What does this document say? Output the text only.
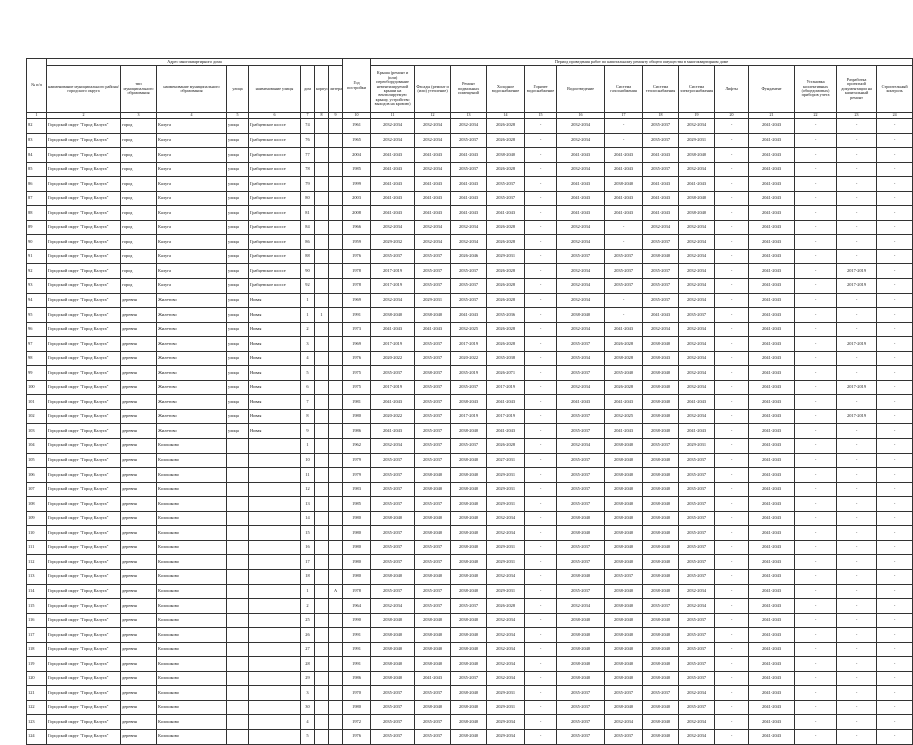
№ п/п	Адрес многоквартирного дома								Год постройки	Период проведения работ по капитальному ремонту общего имущества в многоквартирном доме													
	наименование муниципального района/городского округа	тип муниципального образования	наименование муниципального образования	улица	наименование улицы	дом	корпус	литера		Крыша (ремонт и (или) переоборудование невентилируемой крыши на вентилируемую крышу, устройство выходов на кровлю)	Фасады (ремонт и (или) утепление)	Ремонт подвальных помещений	Холодное водоснабжение	Горячее водоснабжение	Водоотведение	Система газоснабжения	Система теплоснабжения	Система электроснабжения	Лифты	Фундамент	Установка коллективных (общедомовых) приборов учета	Разработка проектной документации на капитальный ремонт	Строительный контроль
1	2	3	4	5	6	7	8	9	10	11	12	13	14	15	16	17	18	19	20	21	22	23	24
82	Городской округ "Город Калуга"	город	Калуга	улица	Грабцевское шоссе	74			1961	2032-2034	2032-2034	2032-2034	2026-2028	-	2032-2034	-	2035-2037	2032-2034	-	2041-2043	-	-	-
83	Городской округ "Город Калуга"	город	Калуга	улица	Грабцевское шоссе	76			1965	2032-2034	2032-2034	2035-2037	2026-2028	-	2032-2034	-	2035-2037	2029-2031	-	2041-2043	-	-	-
84	Городской округ "Город Калуга"	город	Калуга	улица	Грабцевское шоссе	77			2004	2041-2043	2041-2043	2041-2043	2038-2040	-	2041-2043	2041-2043	2041-2043	2038-2040	-	2041-2043	-	-	-
85	Городской округ "Город Калуга"	город	Калуга	улица	Грабцевское шоссе	78			1985	2041-2043	2032-2034	2035-2037	2026-2028	-	2032-2034	2041-2043	2035-2037	2032-2034	-	2041-2043	-	-	-
86	Городской округ "Город Калуга"	город	Калуга	улица	Грабцевское шоссе	79			1999	2041-2043	2041-2043	2041-2043	2035-2037	-	2041-2043	2038-2040	2041-2043	2041-2043	-	2041-2043	-	-	-
87	Городской округ "Город Калуга"	город	Калуга	улица	Грабцевское шоссе	80			2003	2041-2043	2041-2043	2041-2043	2035-2037	-	2041-2043	2041-2043	2041-2043	2038-2040	-	2041-2043	-	-	-
88	Городской округ "Город Калуга"	город	Калуга	улица	Грабцевское шоссе	81			2008	2041-2043	2041-2043	2041-2043	2041-2043	-	2041-2043	2041-2043	2041-2043	2038-2040	-	2041-2043	-	-	-
89	Городской округ "Город Калуга"	город	Калуга	улица	Грабцевское шоссе	84			1966	2032-2034	2032-2034	2032-2034	2026-2028	-	2032-2034	-	2032-2034	2032-2034	-	2041-2043	-	-	-
90	Городской округ "Город Калуга"	город	Калуга	улица	Грабцевское шоссе	86			1959	2029-2032	2032-2034	2032-2034	2026-2028	-	2032-2034	-	2035-2037	2032-2034	-	2041-2043	-	-	-
91	Городской округ "Город Калуга"	город	Калуга	улица	Грабцевское шоссе	88			1976	2035-2037	2035-2037	2026-2046	2029-2031	-	2035-2037	2035-2037	2038-2040	2032-2034	-	2041-2043	-	-	-
92	Городской округ "Город Калуга"	город	Калуга	улица	Грабцевское шоссе	90			1978	2017-2019	2035-2037	2035-2037	2026-2028	-	2032-2034	2035-2037	2035-2037	2032-2034	-	2041-2043	-	2017-2019	-
93	Городской округ "Город Калуга"	город	Калуга	улица	Грабцевское шоссе	92			1978	2017-2019	2035-2037	2035-2037	2026-2028	-	2032-2034	2035-2037	2035-2037	2032-2034	-	2041-2043	-	2017-2019	-
94	Городской округ "Город Калуга"	деревня	Жилетово	улица	Новая	1			1969	2032-2034	2029-2031	2035-2037	2026-2028	-	2032-2034	-	2035-2037	2032-2034	-	2041-2043	-	-	-
95	Городской округ "Город Калуга"	деревня	Жилетово	улица	Новая	1	1		1991	2038-2040	2038-2040	2041-2043	2035-2036	-	2038-2040	-	2041-2043	2035-2037	-	2041-2043	-	-	-
96	Городской округ "Город Калуга"	деревня	Жилетово	улица	Новая	2			1973	2041-2043	2041-2043	2032-2025	2026-2028	-	2032-2034	2041-2043	2032-2034	2032-2034	-	2041-2043	-	-	-
97	Городской округ "Город Калуга"	деревня	Жилетово	улица	Новая	3			1969	2017-2019	2035-2037	2017-2019	2026-2028	-	2035-2037	2026-2028	2038-2040	2032-2034	-	2041-2043	-	2017-2019	-
98	Городской округ "Город Калуга"	деревня	Жилетово	улица	Новая	4			1976	2020-2022	2035-2037	2020-2022	2035-2038	-	2035-2034	2038-2028	2038-2043	2032-2034	-	2041-2043	-	-	-
99	Городской округ "Город Калуга"	деревня	Жилетово	улица	Новая	5			1975	2035-2037	2038-2037	2035-2019	2026-2071	-	2035-2037	2035-2040	2038-2040	2032-2034	-	2041-2043	-	-	-
100	Городской округ "Город Калуга"	деревня	Жилетово	улица	Новая	6			1975	2017-2019	2035-2037	2035-2037	2017-2019	-	2032-2034	2026-2028	2038-2040	2032-2034	-	2041-2043	-	2017-2019	-
101	Городской округ "Город Калуга"	деревня	Жилетово	улица	Новая	7			1981	2041-2043	2035-2037	2038-2043	2041-2043	-	2041-2043	2041-2043	2038-2040	2041-2043	-	2041-2043	-	-	-
102	Городской округ "Город Калуга"	деревня	Жилетово	улица	Новая	8			1980	2020-2022	2035-2037	2017-2019	2017-2019	-	2035-2037	2032-2025	2038-2040	2032-2034	-	2041-2043	-	2017-2019	-
103	Городской округ "Город Калуга"	деревня	Жилетово	улица	Новая	9			1986	2041-2043	2035-2037	2038-2040	2041-2043	-	2035-2037	2041-2043	2038-2040	2041-2043	-	2041-2043	-	-	-
104	Городской округ "Город Калуга"	деревня	Колошково			1			1962	2032-2034	2035-2037	2035-2037	2026-2028	-	2032-2034	2038-2040	2035-2037	2029-2031	-	2041-2043	-	-	-
105	Городской округ "Город Калуга"	деревня	Колошково			10			1979	2035-2037	2035-2037	2038-2040	2027-2031	-	2035-2037	2038-2040	2038-2040	2035-2037	-	2041-2043	-	-	-
106	Городской округ "Город Калуга"	деревня	Колошково			11			1979	2035-2037	2038-2040	2038-2040	2029-2031	-	2035-2037	2038-2040	2038-2040	2035-2037	-	2041-2043	-	-	-
107	Городской округ "Город Калуга"	деревня	Колошково			12			1983	2035-2037	2038-2040	2038-2040	2029-2031	-	2035-2037	2038-2040	2038-2040	2035-2037	-	2041-2043	-	-	-
108	Городской округ "Город Калуга"	деревня	Колошково			13			1985	2035-2037	2035-2037	2038-2040	2029-2031	-	2035-2037	2038-2040	2038-2040	2035-2037	-	2041-2043	-	-	-
109	Городской округ "Город Калуга"	деревня	Колошково			14			1980	2038-2040	2038-2040	2038-2040	2032-2034	-	2038-2040	2038-2040	2038-2040	2035-2037	-	2041-2043	-	-	-
110	Городской округ "Город Калуга"	деревня	Колошково			15			1980	2035-2037	2038-2040	2038-2040	2032-2034	-	2038-2040	2038-2040	2038-2040	2035-2037	-	2041-2043	-	-	-
111	Городской округ "Город Калуга"	деревня	Колошково			16			1980	2035-2037	2035-2037	2038-2040	2029-2031	-	2035-2037	2038-2040	2038-2040	2035-2037	-	2041-2043	-	-	-
112	Городской округ "Город Калуга"	деревня	Колошково			17			1980	2035-2037	2035-2037	2038-2040	2029-2031	-	2035-2037	2038-2040	2038-2040	2035-2037	-	2041-2043	-	-	-
113	Городской округ "Город Калуга"	деревня	Колошково			18			1980	2038-2040	2038-2040	2038-2040	2032-2034	-	2038-2040	2035-2037	2038-2040	2035-2037	-	2041-2043	-	-	-
114	Городской округ "Город Калуга"	деревня	Колошково			1		А	1978	2035-2037	2035-2037	2038-2040	2029-2031	-	2035-2037	2038-2040	2038-2040	2032-2034	-	2041-2043	-	-	-
115	Городской округ "Город Калуга"	деревня	Колошково			2			1964	2032-2034	2035-2037	2035-2037	2026-2028	-	2032-2034	2038-2040	2035-2037	2032-2034	-	2041-2043	-	-	-
116	Городской округ "Город Калуга"	деревня	Колошково			25			1990	2038-2040	2038-2040	2038-2040	2032-2034	-	2038-2040	2038-2040	2038-2040	2035-2037	-	2041-2043	-	-	-
117	Городской округ "Город Калуга"	деревня	Колошково			26			1991	2038-2040	2038-2040	2038-2040	2032-2034	-	2038-2040	2038-2040	2038-2040	2035-2037	-	2041-2043	-	-	-
118	Городской округ "Город Калуга"	деревня	Колошково			27			1991	2038-2040	2038-2040	2038-2040	2032-2034	-	2038-2040	2038-2040	2038-2040	2035-2037	-	2041-2043	-	-	-
119	Городской округ "Город Калуга"	деревня	Колошково			28			1991	2038-2040	2038-2040	2038-2040	2032-2034	-	2038-2040	2038-2040	2038-2040	2035-2037	-	2041-2043	-	-	-
120	Городской округ "Город Калуга"	деревня	Колошково			29			1986	2038-2040	2041-2043	2035-2037	2032-2034	-	2038-2040	2038-2040	2038-2040	2035-2037	-	2041-2043	-	-	-
121	Городской округ "Город Калуга"	деревня	Колошково			3			1970	2035-2037	2035-2037	2038-2040	2029-2031	-	2035-2037	2035-2037	2035-2037	2032-2034	-	2041-2043	-	-	-
122	Городской округ "Город Калуга"	деревня	Колошково			30			1980	2035-2037	2038-2040	2038-2040	2029-2031	-	2035-2037	2038-2040	2038-2040	2035-2037	-	2041-2043	-	-	-
123	Городской округ "Город Калуга"	деревня	Колошково			4			1972	2035-2037	2035-2037	2038-2040	2029-2034	-	2035-2037	2032-2034	2038-2040	2032-2034	-	2041-2043	-	-	-
124	Городской округ "Город Калуга"	деревня	Колошково			5			1976	2035-2037	2035-2037	2038-2040	2029-2034	-	2035-2037	2035-2037	2038-2040	2032-2034	-	2041-2043	-	-	-
